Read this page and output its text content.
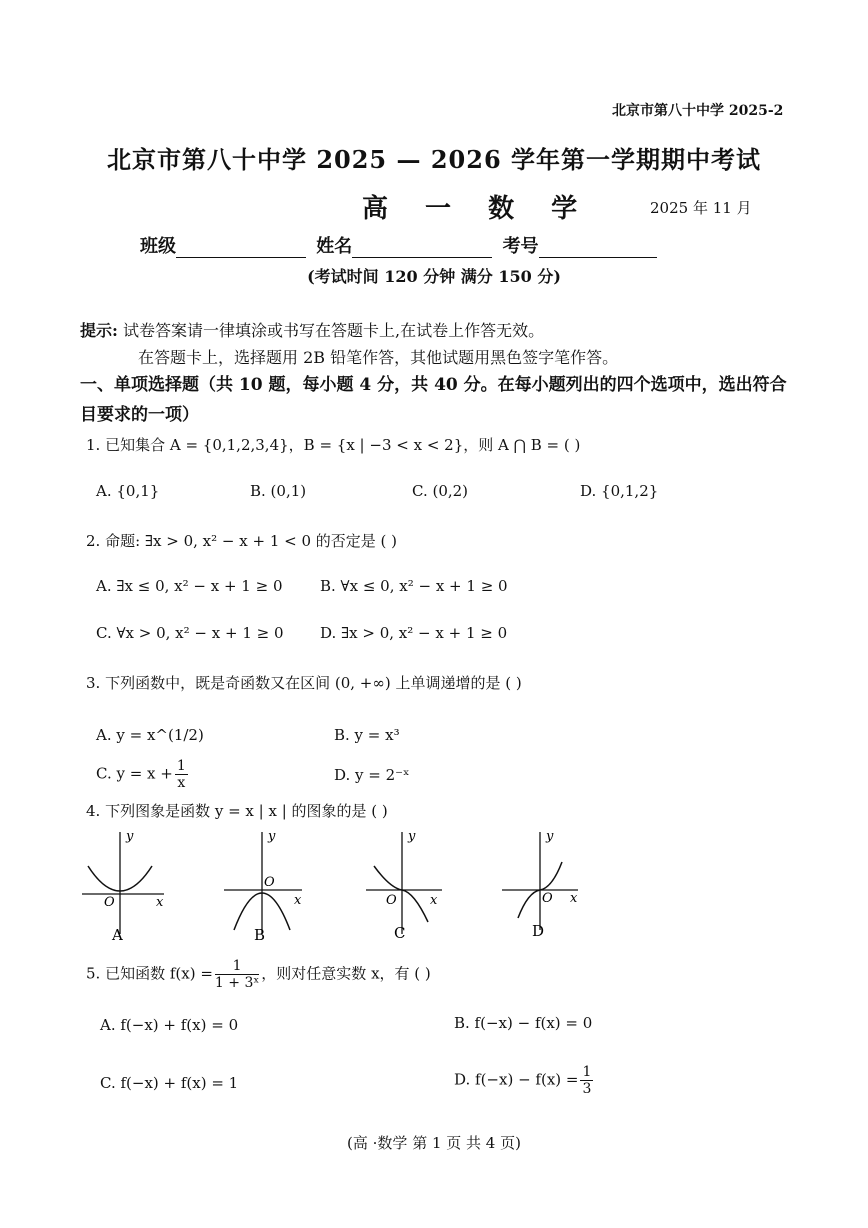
北京市第八十中学 2025-2
北京市第八十中学 2025 — 2026 学年第一学期期中考试
高 一 数 学	2025 年 11 月
班级	姓名	考号
(考试时间 120 分钟 满分 150 分)
提示: 试卷答案请一律填涂或书写在答题卡上,在试卷上作答无效。
在答题卡上，选择题用 2B 铅笔作答，其他试题用黑色签字笔作答。
一、单项选择题（共 10 题，每小题 4 分，共 40 分。在每小题列出的四个选项中，选出符合
目要求的一项）
1. 已知集合 A = {0,1,2,3,4}，B = {x | −3 < x < 2}，则 A ⋂ B = ( )
A. {0,1}	B. (0,1)	C. (0,2)	D. {0,1,2}
2. 命题: ∃x > 0, x² − x + 1 < 0 的否定是 ( )
A. ∃x ≤ 0, x² − x + 1 ≥ 0	B. ∀x ≤ 0, x² − x + 1 ≥ 0
C. ∀x > 0, x² − x + 1 ≥ 0 D. ∃x > 0, x² − x + 1 ≥ 0
3. 下列函数中，既是奇函数又在区间 (0, +∞) 上单调递增的是 ( )
A. y = x^(1/2)	B. y = x³
C. $y = x + \frac{1}{x}$	D. y = 2⁻ˣ
4. 下列图象是函数 y = x | x | 的图象的是 ( )
y
x
O
A
y
x
O
B
y
x
O
C
y
x
O
D
5. 已知函数 $f(x) = \frac{1}{\text{1 + 3ˣ}}$ ，则对任意实数 x，有 ( )
A. f(−x) + f(x) = 0	B. f(−x) − f(x) = 0
C. f(−x) + f(x) = 1	D. $f(-x) - f(x) = \frac{1}{3}$
(高 ·数学 第 1 页 共 4 页)
